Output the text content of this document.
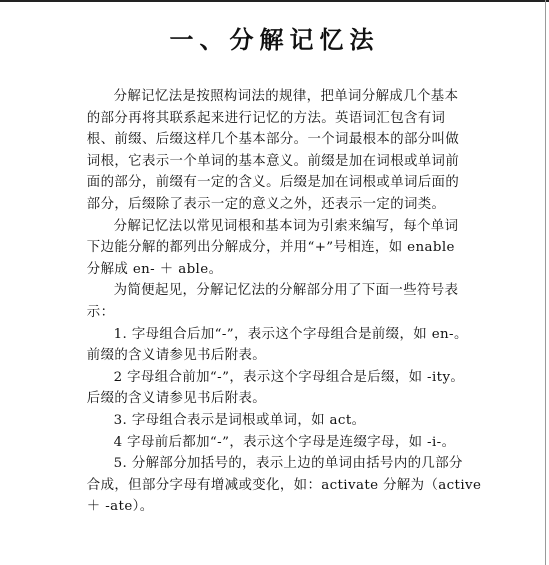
一、分解记忆法

分解记忆法是按照构词法的规律，把单词分解成几个基本
的部分再将其联系起来进行记忆的方法。英语词汇包含有词
根、前缀、后缀这样几个基本部分。一个词最根本的部分叫做
词根，它表示一个单词的基本意义。前缀是加在词根或单词前
面的部分，前缀有一定的含义。后缀是加在词根或单词后面的
部分，后缀除了表示一定的意义之外，还表示一定的词类。

分解记忆法以常见词根和基本词为引索来编写，每个单词
下边能分解的都列出分解成分，并用“+”号相连，如 enable
分解成 en- ＋ able。

为简便起见，分解记忆法的分解部分用了下面一些符号表
示：

1. 字母组合后加“-”，表示这个字母组合是前缀，如 en-。
前缀的含义请参见书后附表。

2 字母组合前加“-”，表示这个字母组合是后缀，如 -ity。
后缀的含义请参见书后附表。

3. 字母组合表示是词根或单词，如 act。

4 字母前后都加“-”，表示这个字母是连缀字母，如 -i-。

5. 分解部分加括号的，表示上边的单词由括号内的几部分
合成，但部分字母有增减或变化，如：activate 分解为（active
＋ -ate）。
